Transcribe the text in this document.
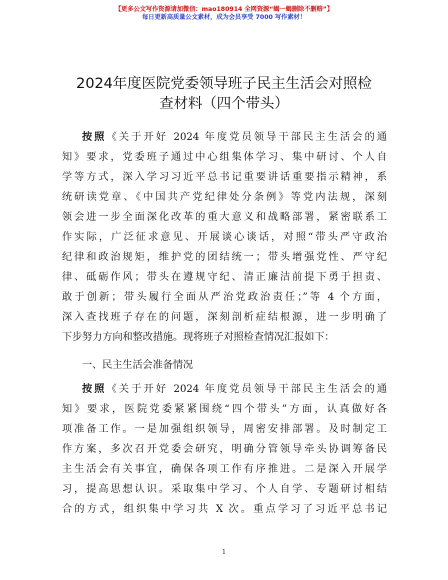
【更多公文写作资源请加微信：mao180914 全网资源“蝎一蝎删除不删赔”】
每日更新高质量公文素材，成为会员享受 7000 写作素材！
2024年度医院党委领导班子民主生活会对照检
查材料（四个带头）
按照《关于开好 2024 年度党员领导干部民主生活会的通
知》要求，党委班子通过中心组集体学习、集中研讨、个人自
学等方式，深入学习习近平总书记重要讲话重要指示精神，系
统研读党章、《中国共产党纪律处分条例》等党内法规，深刻
领会进一步全面深化改革的重大意义和战略部署，紧密联系工
作实际，广泛征求意见、开展谈心谈话，对照“带头严守政治
纪律和政治规矩，维护党的团结统一；带头增强党性、严守纪
律、砥砺作风；带头在遵规守纪、清正廉洁前提下勇于担责、
敢于创新；带头履行全面从严治党政治责任；”等 4 个方面，
深入查找班子存在的问题，深刻剖析症结根源，进一步明确了
下步努力方向和整改措施。现将班子对照检查情况汇报如下：
一、民主生活会准备情况
按照《关于开好 2024 年度党员领导干部民主生活会的通
知》要求，医院党委紧紧围绕“四个带头”方面，认真做好各
项准备工作。一是加强组织领导，周密安排部署。及时制定工
作方案，多次召开党委会研究，明确分管领导牵头协调筹备民
主生活会有关事宜，确保各项工作有序推进。二是深入开展学
习，提高思想认识。采取集中学习、个人自学、专题研讨相结
合的方式，组织集中学习共 X 次。重点学习了习近平总书记
1
